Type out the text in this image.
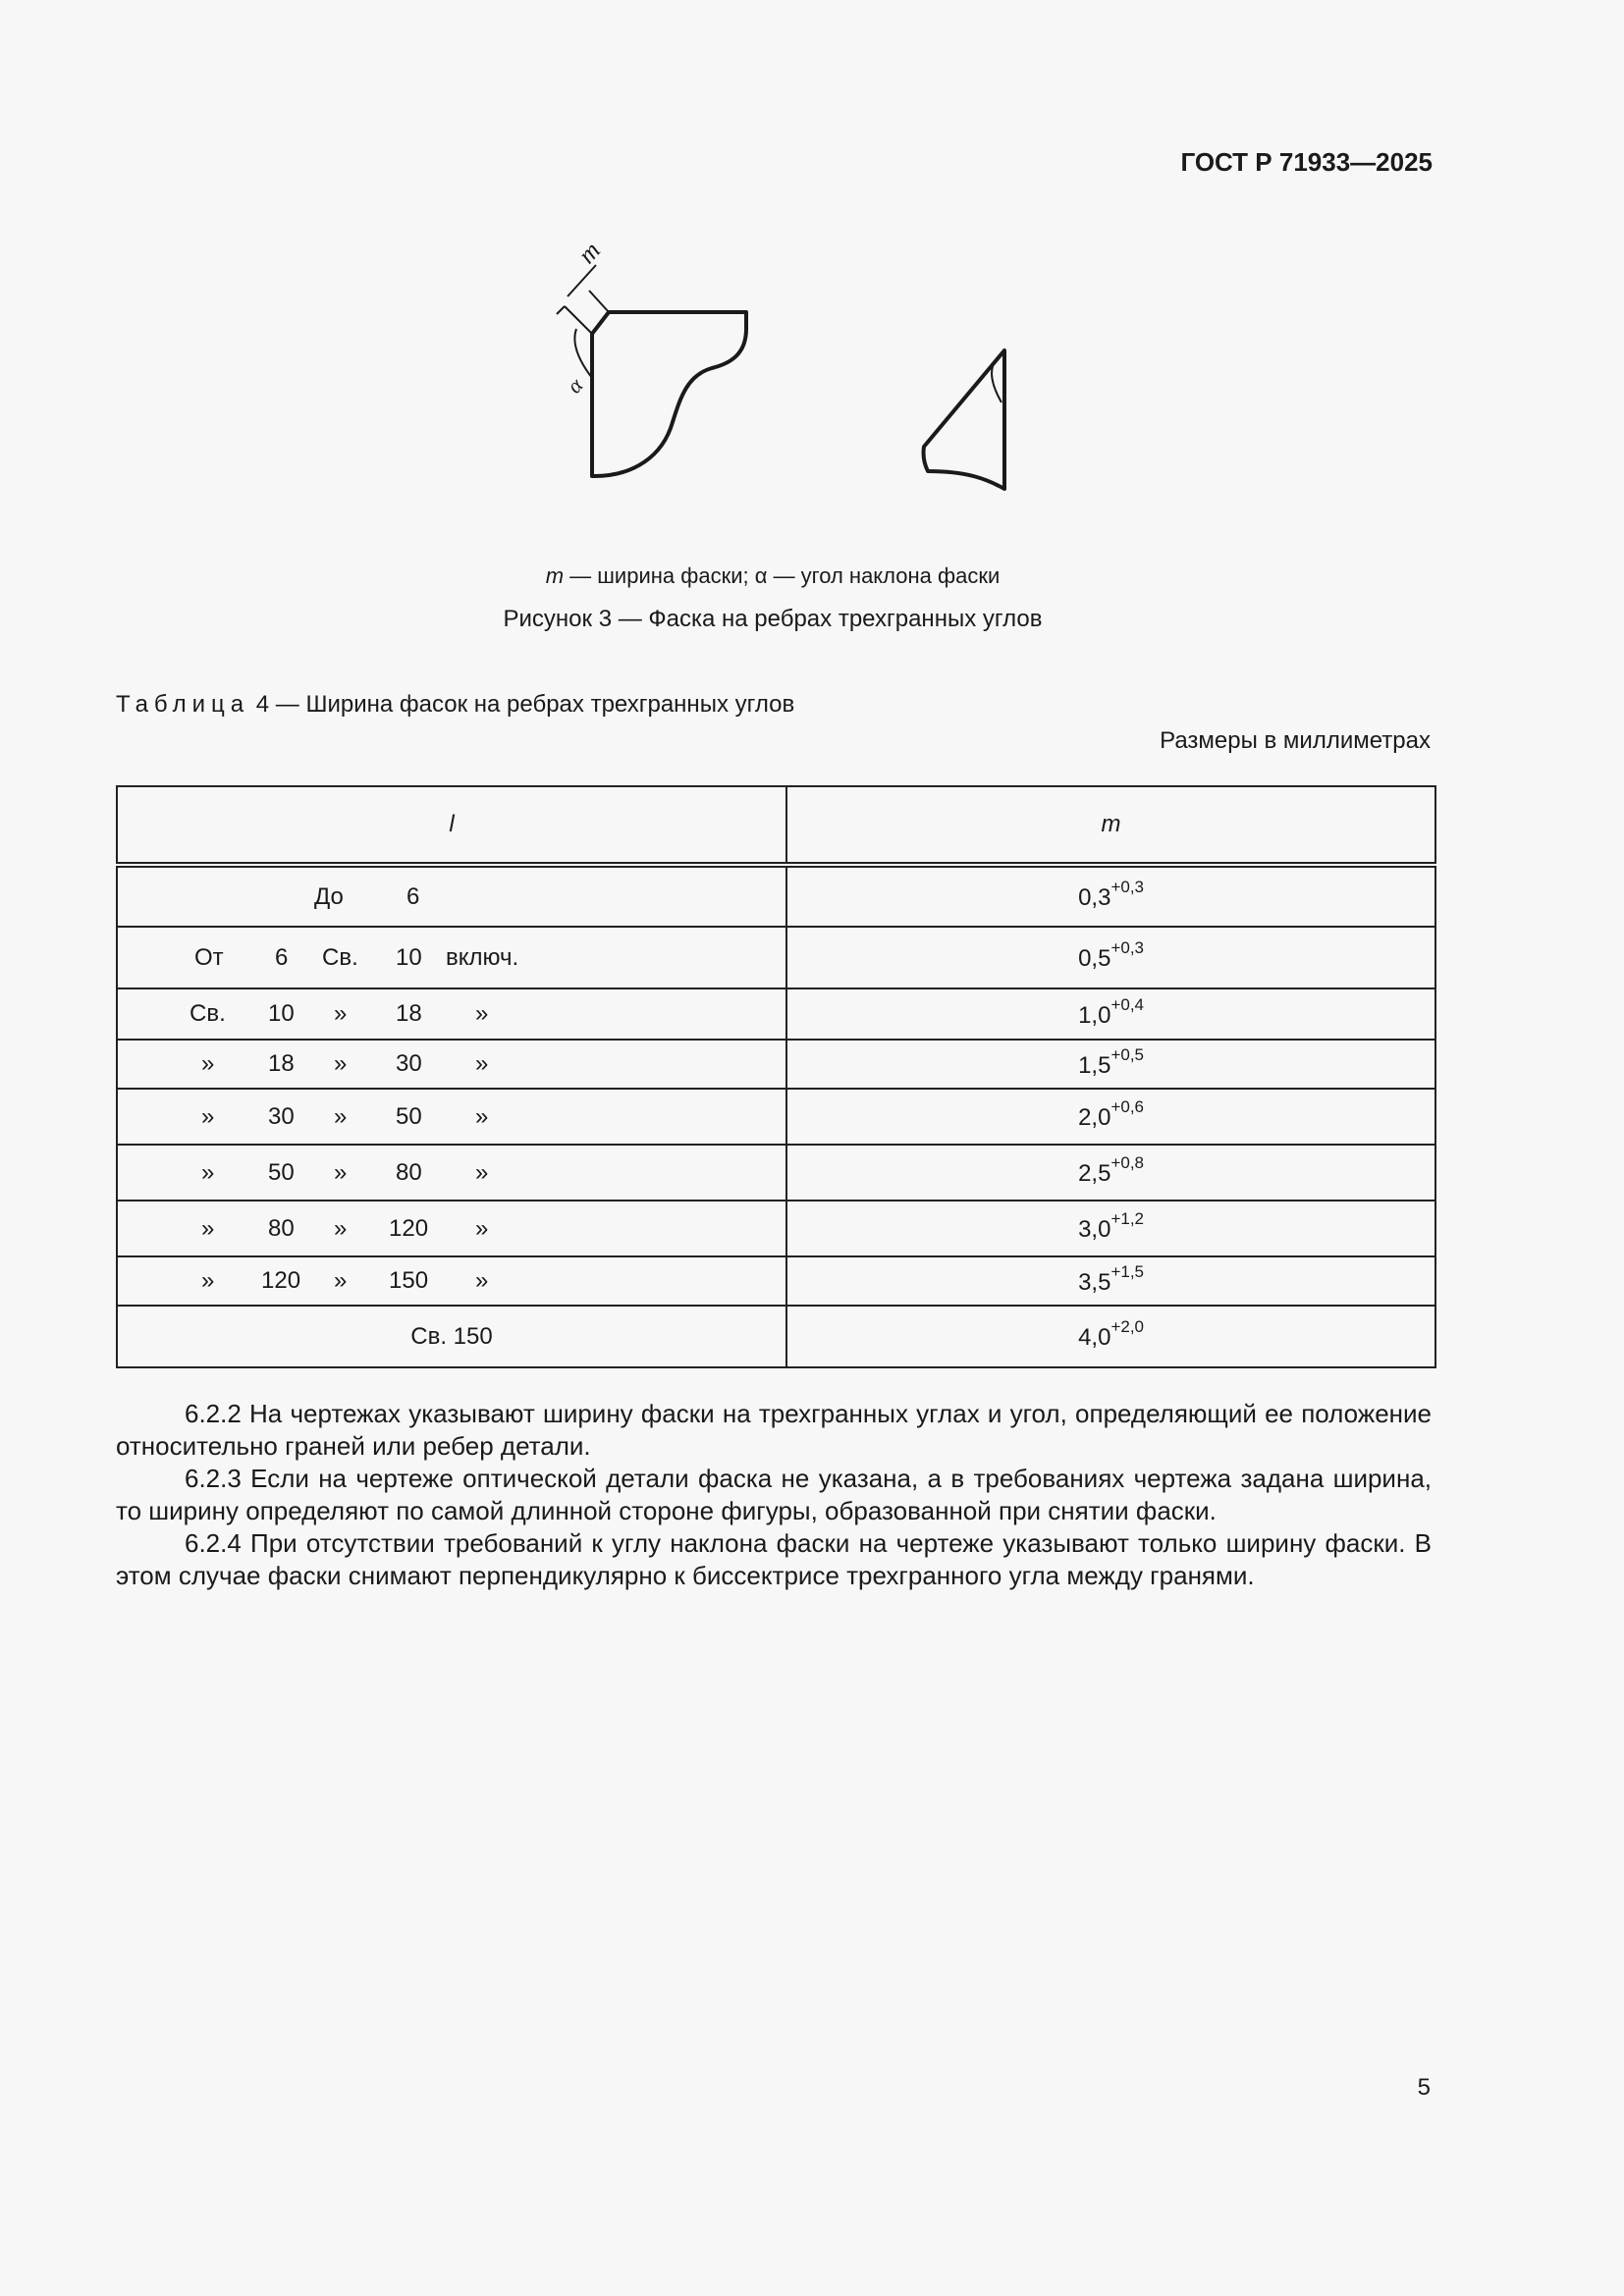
ГОСТ Р 71933—2025
m
α
m — ширина фаски; α — угол наклона фаски
Рисунок 3 — Фаска на ребрах трехгранных углов
Таблица 4 — Ширина фасок на ребрах трехгранных углов
Размеры в миллиметрах
l	m

До 6	$0,3^{+0,3}$

От 6 Св. 10 включ.	$0,5^{+0,3}$

Св. 10 » 18 »	$1,0^{+0,4}$

» 18 » 30 »	$1,5^{+0,5}$

» 30 » 50 »	$2,0^{+0,6}$

» 50 » 80 »	$2,5^{+0,8}$

» 80 » 120 »	$3,0^{+1,2}$

» 120 » 150 »	$3,5^{+1,5}$
Св. 150	$4,0^{+2,0}$
6.2.2 На чертежах указывают ширину фаски на трехгранных углах и угол, определяющий ее положение относительно граней или ребер детали.
6.2.3 Если на чертеже оптической детали фаска не указана, а в требованиях чертежа задана ширина, то ширину определяют по самой длинной стороне фигуры, образованной при снятии фаски.
6.2.4 При отсутствии требований к углу наклона фаски на чертеже указывают только ширину фаски. В этом случае фаски снимают перпендикулярно к биссектрисе трехгранного угла между гранями.
5
